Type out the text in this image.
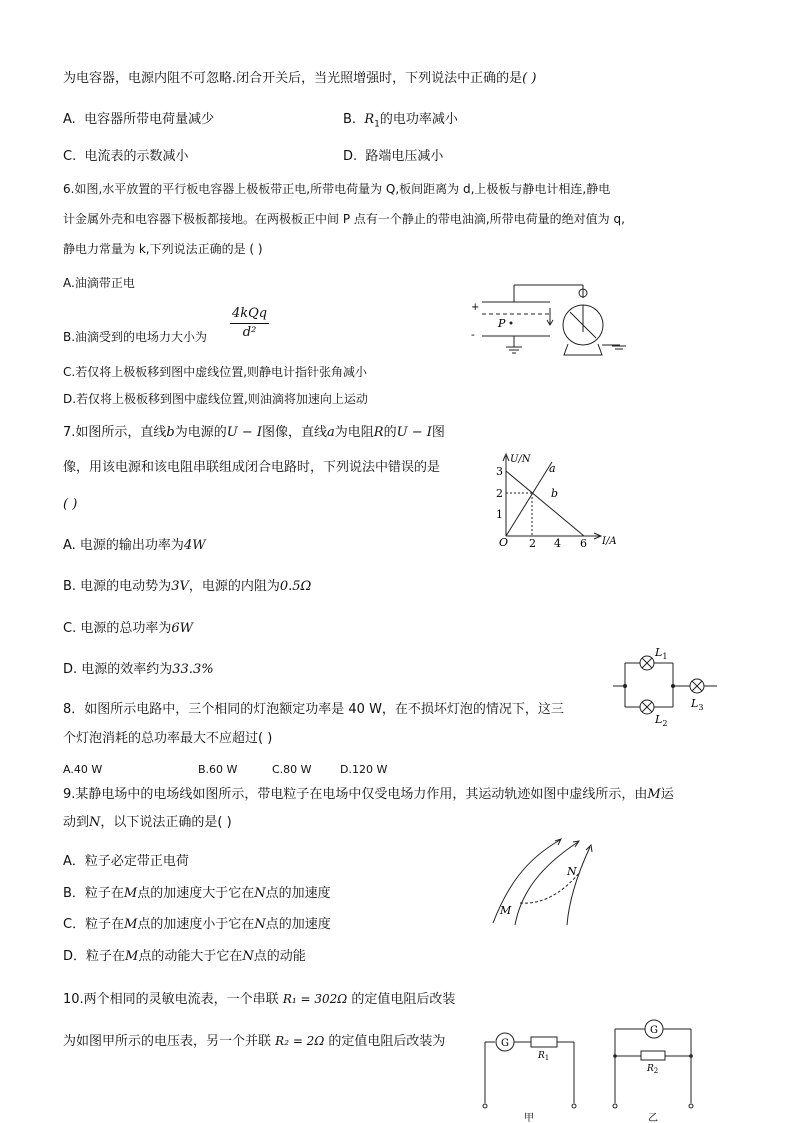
为电容器，电源内阻不可忽略.闭合开关后，当光照增强时，下列说法中正确的是( )
A. 电容器所带电荷量减少	B. $R_1$的电功率减小
C. 电流表的示数减小	D. 路端电压减小
6.如图,水平放置的平行板电容器上极板带正电,所带电荷量为 Q,板间距离为 d,上极板与静电计相连,静电
计金属外壳和电容器下极板都接地。在两极板正中间 P 点有一个静止的带电油滴,所带电荷量的绝对值为 q,
静电力常量为 k,下列说法正确的是 ( )
A.油滴带正电
B.油滴受到的电场力大小为
4kQq
d²
C.若仅将上极板移到图中虚线位置,则静电计指针张角减小
D.若仅将上极板移到图中虚线位置,则油滴将加速向上运动
+
-
P
7.如图所示，直线b为电源的U − I图像，直线a为电阻R的U − I图
像，用该电源和该电阻串联组成闭合电路时，下列说法中错误的是
( )
A. 电源的输出功率为4W
B. 电源的电动势为3V，电源的内阻为0.5Ω
C. 电源的总功率为6W
D. 电源的效率约为33.3%
U/N
I/A
O
3
2
1
2 4 6
a
b
8．如图所示电路中，三个相同的灯泡额定功率是 40 W，在不损坏灯泡的情况下，这三
个灯泡消耗的总功率最大不应超过( )
A.40 W	B.60 W	C.80 W	D.120 W
$L_1$
$L_2$
$L_3$
9.某静电场中的电场线如图所示，带电粒子在电场中仅受电场力作用，其运动轨迹如图中虚线所示，由M运
动到N，以下说法正确的是( )
A．粒子必定带正电荷
B．粒子在M点的加速度大于它在N点的加速度
C．粒子在M点的加速度小于它在N点的加速度
D．粒子在M点的动能大于它在N点的动能
M
N
10.两个相同的灵敏电流表，一个串联 R₁ = 302Ω 的定值电阻后改装
为如图甲所示的电压表，另一个并联 R₂ = 2Ω 的定值电阻后改装为	G
G
$R_1$
$R_2$
甲	乙
